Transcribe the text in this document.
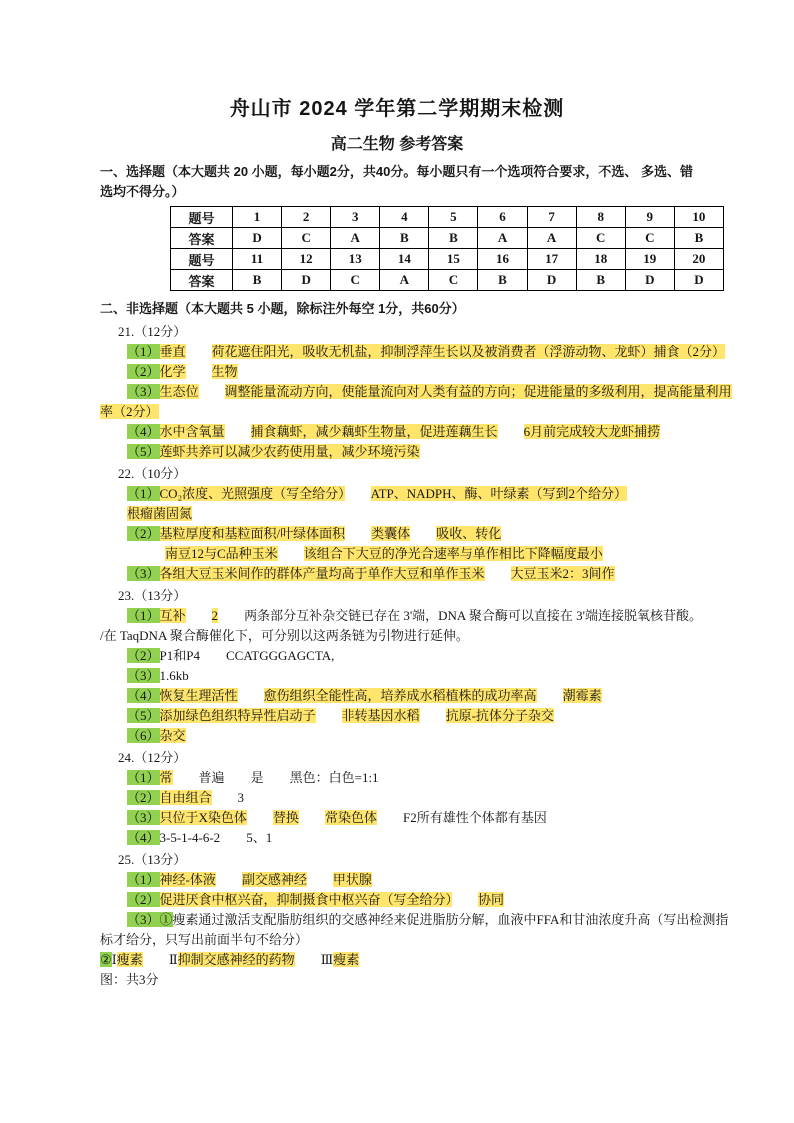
舟山市 2024 学年第二学期期末检测
高二生物 参考答案

一、选择题（本大题共 20 小题，每小题2分，共40分。每小题只有一个选项符合要求，不选、 多选、错选均不得分。）

题号	1	2	3	4	5	6	7	8	9	10
答案	D	C	A	B	B	A	A	C	C	B
题号	11	12	13	14	15	16	17	18	19	20
答案	B	D	C	A	C	B	D	B	D	D

二、非选择题（本大题共 5 小题，除标注外每空 1分，共60分）

21.（12分）
（1）垂直　　 荷花遮住阳光，吸收无机盐，抑制浮萍生长以及被消费者（浮游动物、龙虾）捕食（2分）
（2）化学　　 生物
（3）生态位　　 调整能量流动方向，使能量流向对人类有益的方向；促进能量的多级利用，提高能量利用
率（2分）
（4）水中含氧量　　 捕食藕虾，减少藕虾生物量，促进莲藕生长　　 6月前完成较大龙虾捕捞
（5）莲虾共养可以减少农药使用量，减少环境污染
22.（10分）
（1）CO₂浓度、光照强度（写全给分）　　 ATP、NADPH、酶、叶绿素（写到2个给分）
根瘤菌固氮
（2）基粒厚度和基粒面积/叶绿体面积　　 类囊体　　 吸收、转化
南豆12与C品种玉米　　 该组合下大豆的净光合速率与单作相比下降幅度最小
（3）各组大豆玉米间作的群体产量均高于单作大豆和单作玉米　　 大豆玉米2：3间作
23.（13分）
（1）互补　　 2　　 两条部分互补杂交链已存在 3'端，DNA 聚合酶可以直接在 3'端连接脱氧核苷酸。
/在 TaqDNA 聚合酶催化下，可分别以这两条链为引物进行延伸。
（2）P1和P4　　 CCATGGGAGCTA,
（3）1.6kb
（4）恢复生理活性　　 愈伤组织全能性高，培养成水稻植株的成功率高　　 潮霉素
（5）添加绿色组织特异性启动子　　 非转基因水稻　　 抗原-抗体分子杂交
（6）杂交
24.（12分）
（1）常　　 普遍　　 是　　 黑色：白色=1:1
（2）自由组合　　 3
（3）只位于X染色体　　 替换　　 常染色体　　 F2所有雄性个体都有基因
（4）3-5-1-4-6-2　　 5、1
25.（13分）
（1）神经-体液　　 副交感神经　　 甲状腺
（2）促进厌食中枢兴奋，抑制摄食中枢兴奋（写全给分）　　 协同
（3）①瘦素通过激活支配脂肪组织的交感神经来促进脂肪分解，血液中FFA和甘油浓度升高（写出检测指
标才给分，只写出前面半句不给分）
②Ⅰ瘦素　　 Ⅱ抑制交感神经的药物　　 Ⅲ瘦素
图：共3分
